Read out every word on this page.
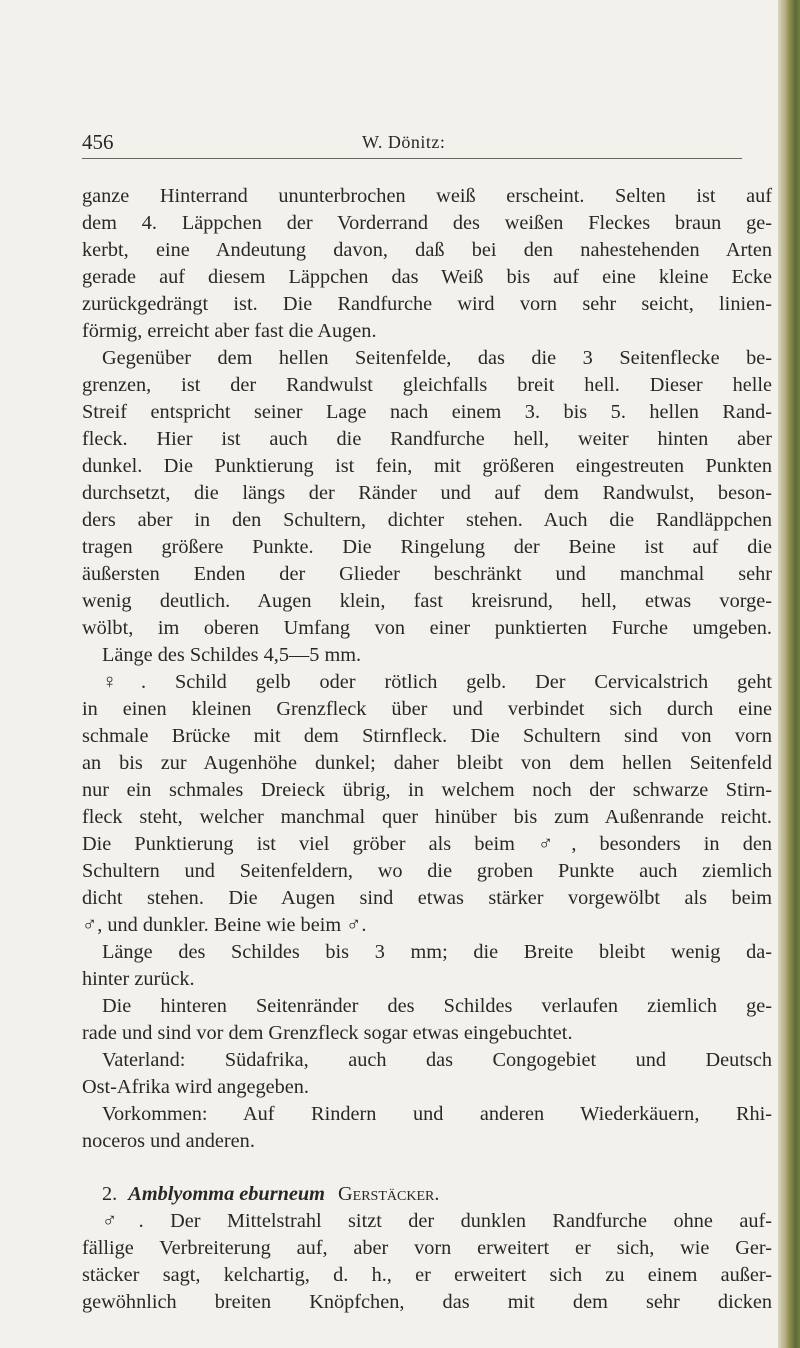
456	W. Dönitz:
ganze Hinterrand ununterbrochen weiß erscheint. Selten ist auf
dem 4. Läppchen der Vorderrand des weißen Fleckes braun ge-
kerbt, eine Andeutung davon, daß bei den nahestehenden Arten
gerade auf diesem Läppchen das Weiß bis auf eine kleine Ecke
zurückgedrängt ist. Die Randfurche wird vorn sehr seicht, linien-
förmig, erreicht aber fast die Augen.
Gegenüber dem hellen Seitenfelde, das die 3 Seitenflecke be-
grenzen, ist der Randwulst gleichfalls breit hell. Dieser helle
Streif entspricht seiner Lage nach einem 3. bis 5. hellen Rand-
fleck. Hier ist auch die Randfurche hell, weiter hinten aber
dunkel. Die Punktierung ist fein, mit größeren eingestreuten Punkten
durchsetzt, die längs der Ränder und auf dem Randwulst, beson-
ders aber in den Schultern, dichter stehen. Auch die Randläppchen
tragen größere Punkte. Die Ringelung der Beine ist auf die
äußersten Enden der Glieder beschränkt und manchmal sehr
wenig deutlich. Augen klein, fast kreisrund, hell, etwas vorge-
wölbt, im oberen Umfang von einer punktierten Furche umgeben.
Länge des Schildes 4,5—5 mm.
♀. Schild gelb oder rötlich gelb. Der Cervicalstrich geht
in einen kleinen Grenzfleck über und verbindet sich durch eine
schmale Brücke mit dem Stirnfleck. Die Schultern sind von vorn
an bis zur Augenhöhe dunkel; daher bleibt von dem hellen Seitenfeld
nur ein schmales Dreieck übrig, in welchem noch der schwarze Stirn-
fleck steht, welcher manchmal quer hinüber bis zum Außenrande reicht.
Die Punktierung ist viel gröber als beim ♂, besonders in den
Schultern und Seitenfeldern, wo die groben Punkte auch ziemlich
dicht stehen. Die Augen sind etwas stärker vorgewölbt als beim
♂, und dunkler. Beine wie beim ♂.
Länge des Schildes bis 3 mm; die Breite bleibt wenig da-
hinter zurück.
Die hinteren Seitenränder des Schildes verlaufen ziemlich ge-
rade und sind vor dem Grenzfleck sogar etwas eingebuchtet.
Vaterland: Südafrika, auch das Congogebiet und Deutsch
Ost-Afrika wird angegeben.
Vorkommen: Auf Rindern und anderen Wiederkäuern, Rhi-
noceros und anderen.
2. Amblyomma eburneum Gerstäcker.
♂. Der Mittelstrahl sitzt der dunklen Randfurche ohne auf-
fällige Verbreiterung auf, aber vorn erweitert er sich, wie Ger-
stäcker sagt, kelchartig, d. h., er erweitert sich zu einem außer-
gewöhnlich breiten Knöpfchen, das mit dem sehr dicken
